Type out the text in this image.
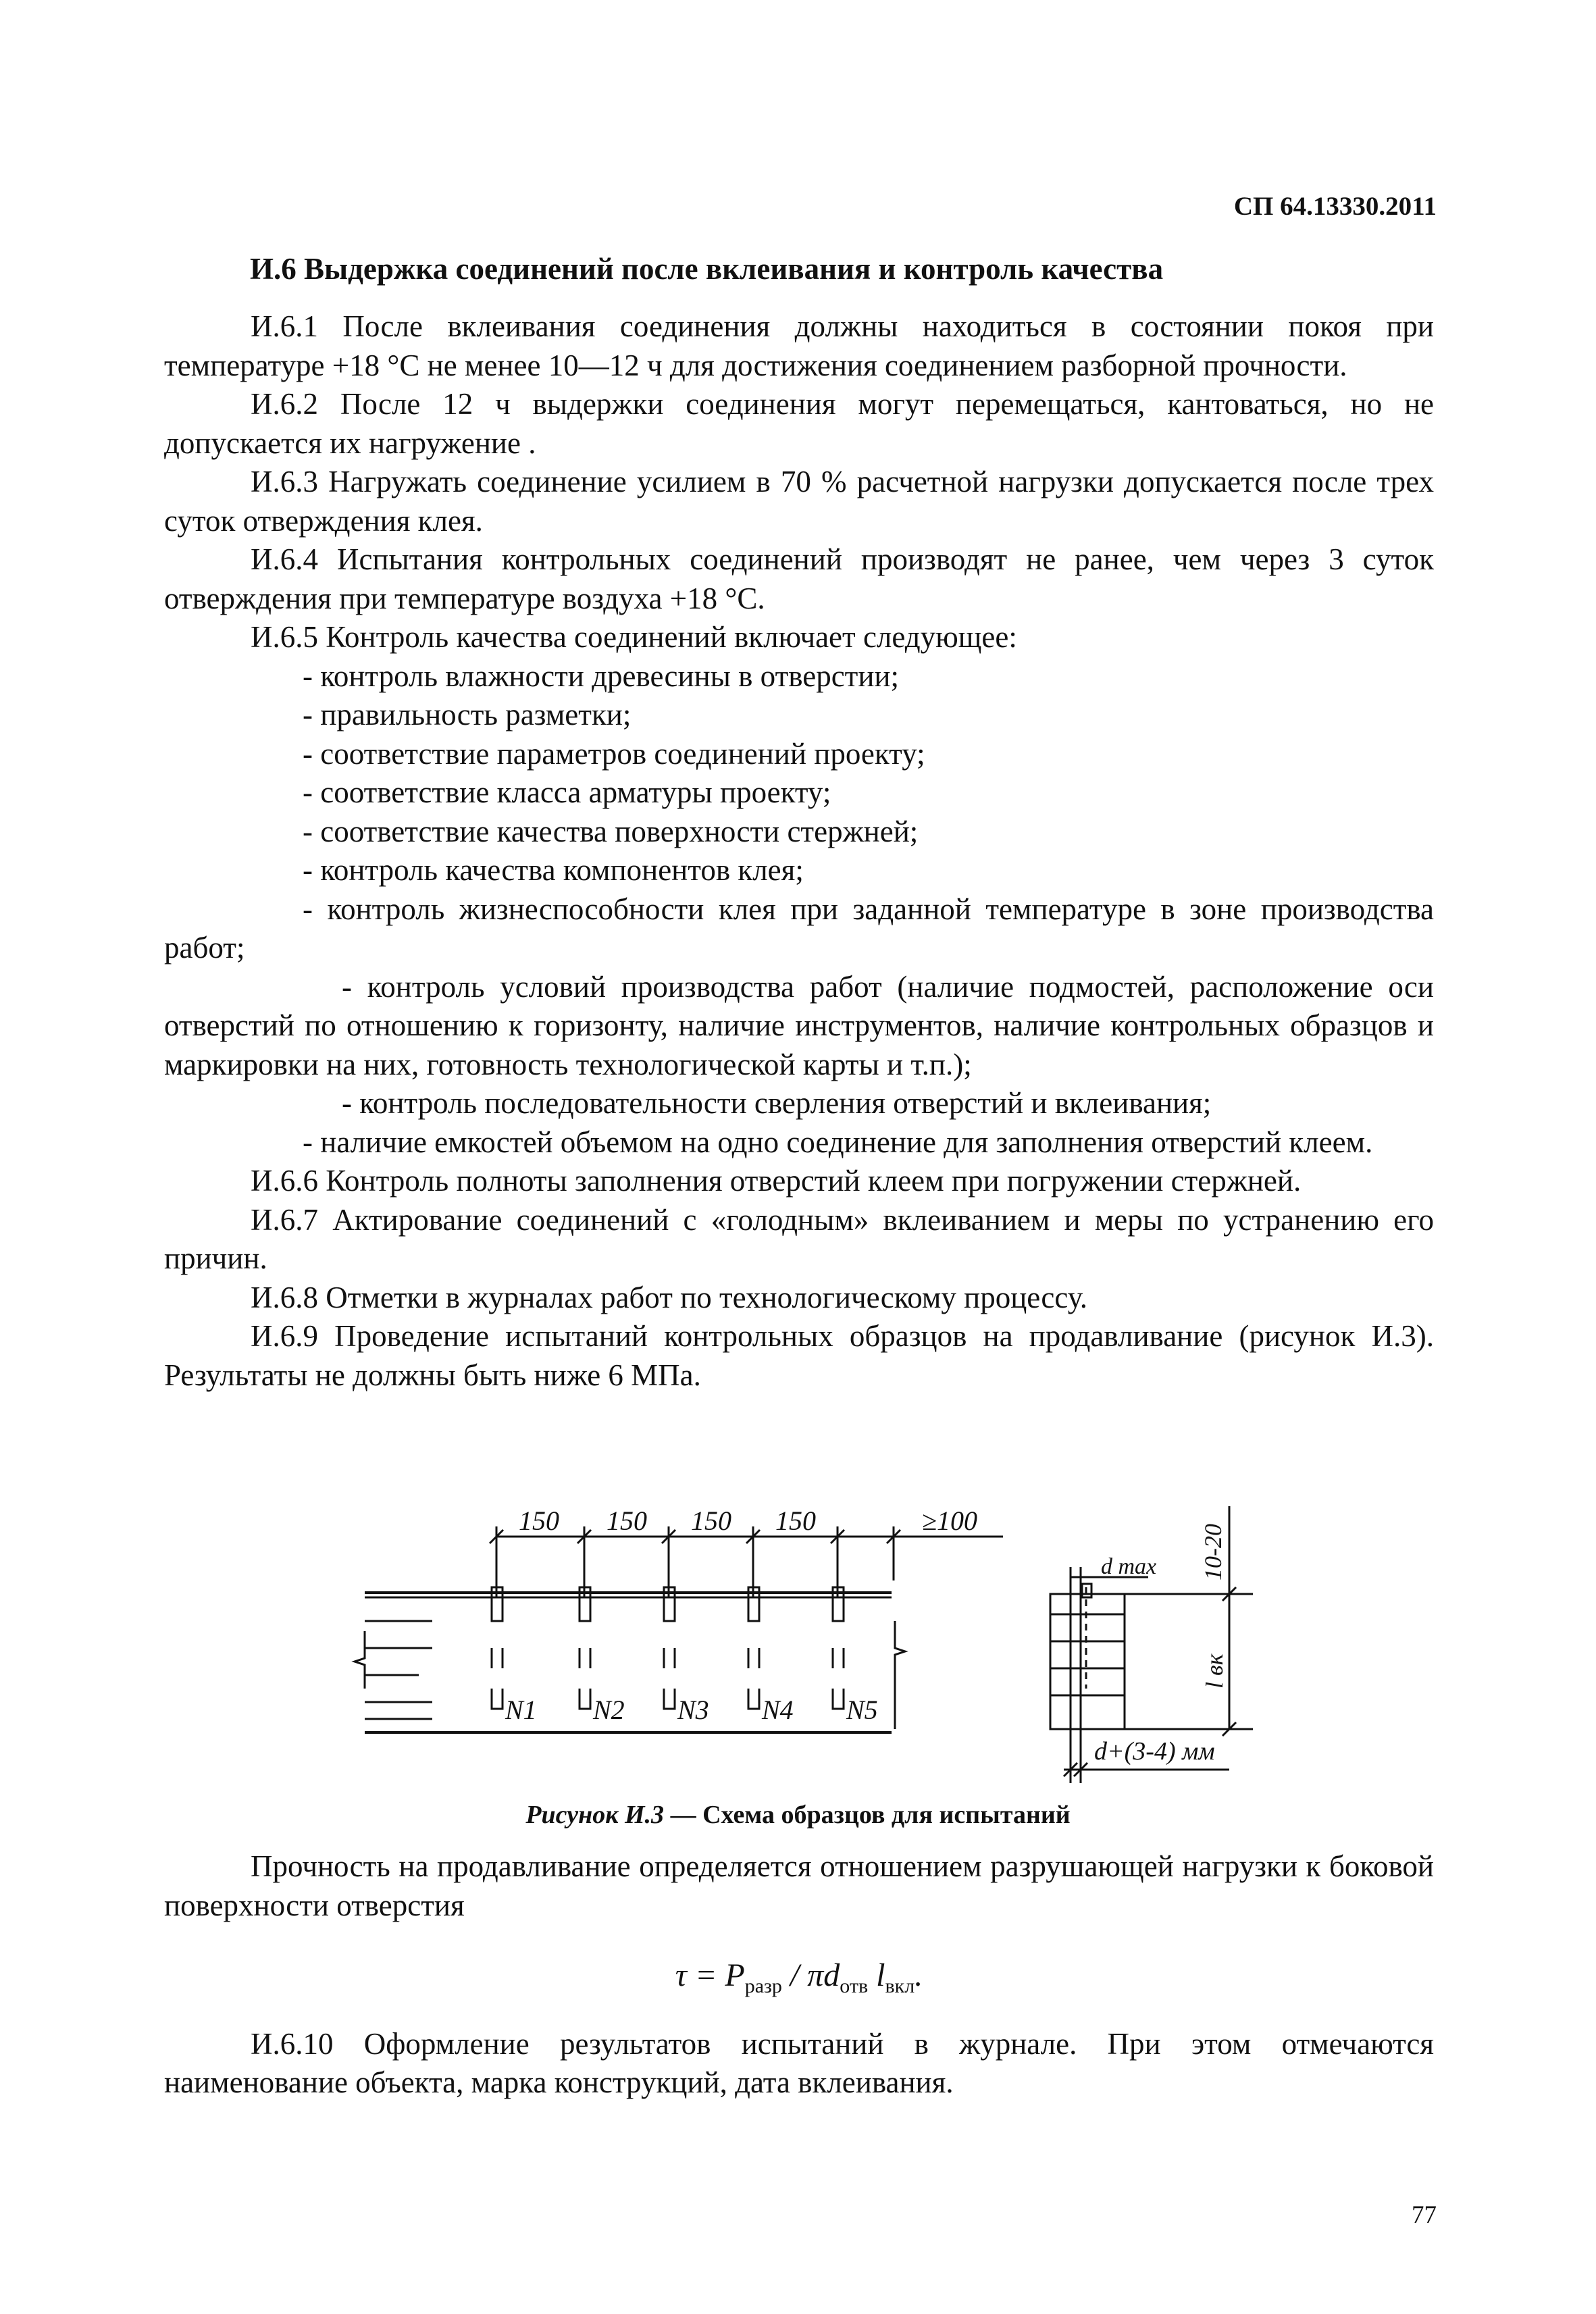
СП 64.13330.2011
И.6 Выдержка соединений после вклеивания и контроль качества

И.6.1 После вклеивания соединения должны находиться в состоянии покоя при температуре +18 °С не менее 10—12 ч для достижения соединением разборной прочности.

И.6.2 После 12 ч выдержки соединения могут перемещаться, кантоваться, но не допускается их нагружение .

И.6.3 Нагружать соединение усилием в 70 % расчетной нагрузки допускается после трех суток отверждения клея.

И.6.4 Испытания контрольных соединений производят не ранее, чем через 3 суток отверждения при температуре воздуха +18 °С.

И.6.5 Контроль качества соединений включает следующее:

- контроль влажности древесины в отверстии;

- правильность разметки;

- соответствие параметров соединений проекту;

- соответствие класса арматуры проекту;

- соответствие качества поверхности стержней;

- контроль качества компонентов клея;

- контроль жизнеспособности клея при заданной температуре в зоне производства работ;

- контроль условий производства работ (наличие подмостей, расположение оси отверстий по отношению к горизонту, наличие инструментов, наличие контрольных образцов и маркировки на них, готовность технологической карты и т.п.);

- контроль последовательности сверления отверстий и вклеивания;

- наличие емкостей объемом на одно соединение для заполнения отверстий клеем.

И.6.6 Контроль полноты заполнения отверстий клеем при погружении стержней.

И.6.7 Актирование соединений с «голодным» вклеиванием и меры по устранению его причин.

И.6.8 Отметки в журналах работ по технологическому процессу.

И.6.9 Проведение испытаний контрольных образцов на продавливание (рисунок И.3). Результаты не должны быть ниже 6 МПа.

150 150 150 150	≥100
N1 N2 N3 N4 N5
d max 10-20
l вк
d+(3-4) мм
Рисунок И.3 — Схема образцов для испытаний

Прочность на продавливание определяется отношением разрушающей нагрузки к боковой поверхности отверстия

$\tau = P_{разр} / \pi d_{отв}$ $l_{вкл}$.

И.6.10 Оформление результатов испытаний в журнале. При этом отмечаются наименование объекта, марка конструкций, дата вклеивания.

77
